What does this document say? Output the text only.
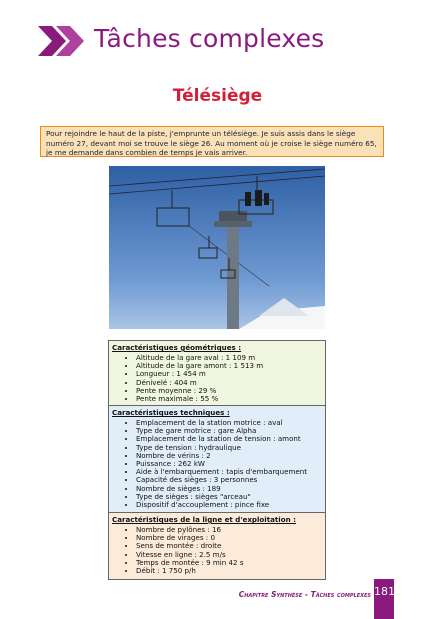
Tâches complexes
Télésiège
Pour rejoindre le haut de la piste, j'emprunte un télésiège. Je suis assis dans le siège numéro 27, devant moi se trouve le siège 26. Au moment où je croise le siège numéro 65, je me demande dans combien de temps je vais arriver.
Caractéristiques géométriques :
• Altitude de la gare aval : 1 109 m
• Altitude de la gare amont : 1 513 m
• Longueur : 1 454 m
• Dénivelé : 404 m
• Pente moyenne : 29 %
• Pente maximale : 55 %
Caractéristiques techniques :
• Emplacement de la station motrice : aval
• Type de gare motrice : gare Alpha
• Emplacement de la station de tension : amont
• Type de tension : hydraulique
• Nombre de vérins : 2
• Puissance : 262 kW
• Aide à l'embarquement : tapis d'embarquement
• Capacité des sièges : 3 personnes
• Nombre de sièges : 189
• Type de sièges : sièges "arceau"
• Dispositif d'accouplement : pince fixe
Caractéristiques de la ligne et d'exploitation :
• Nombre de pylônes : 16
• Nombre de virages : 0
• Sens de montée : droite
• Vitesse en ligne : 2.5 m/s
• Temps de montée : 9 min 42 s
• Débit : 1 750 p/h
Chapitre Synthèse - Tâches complexes 181
